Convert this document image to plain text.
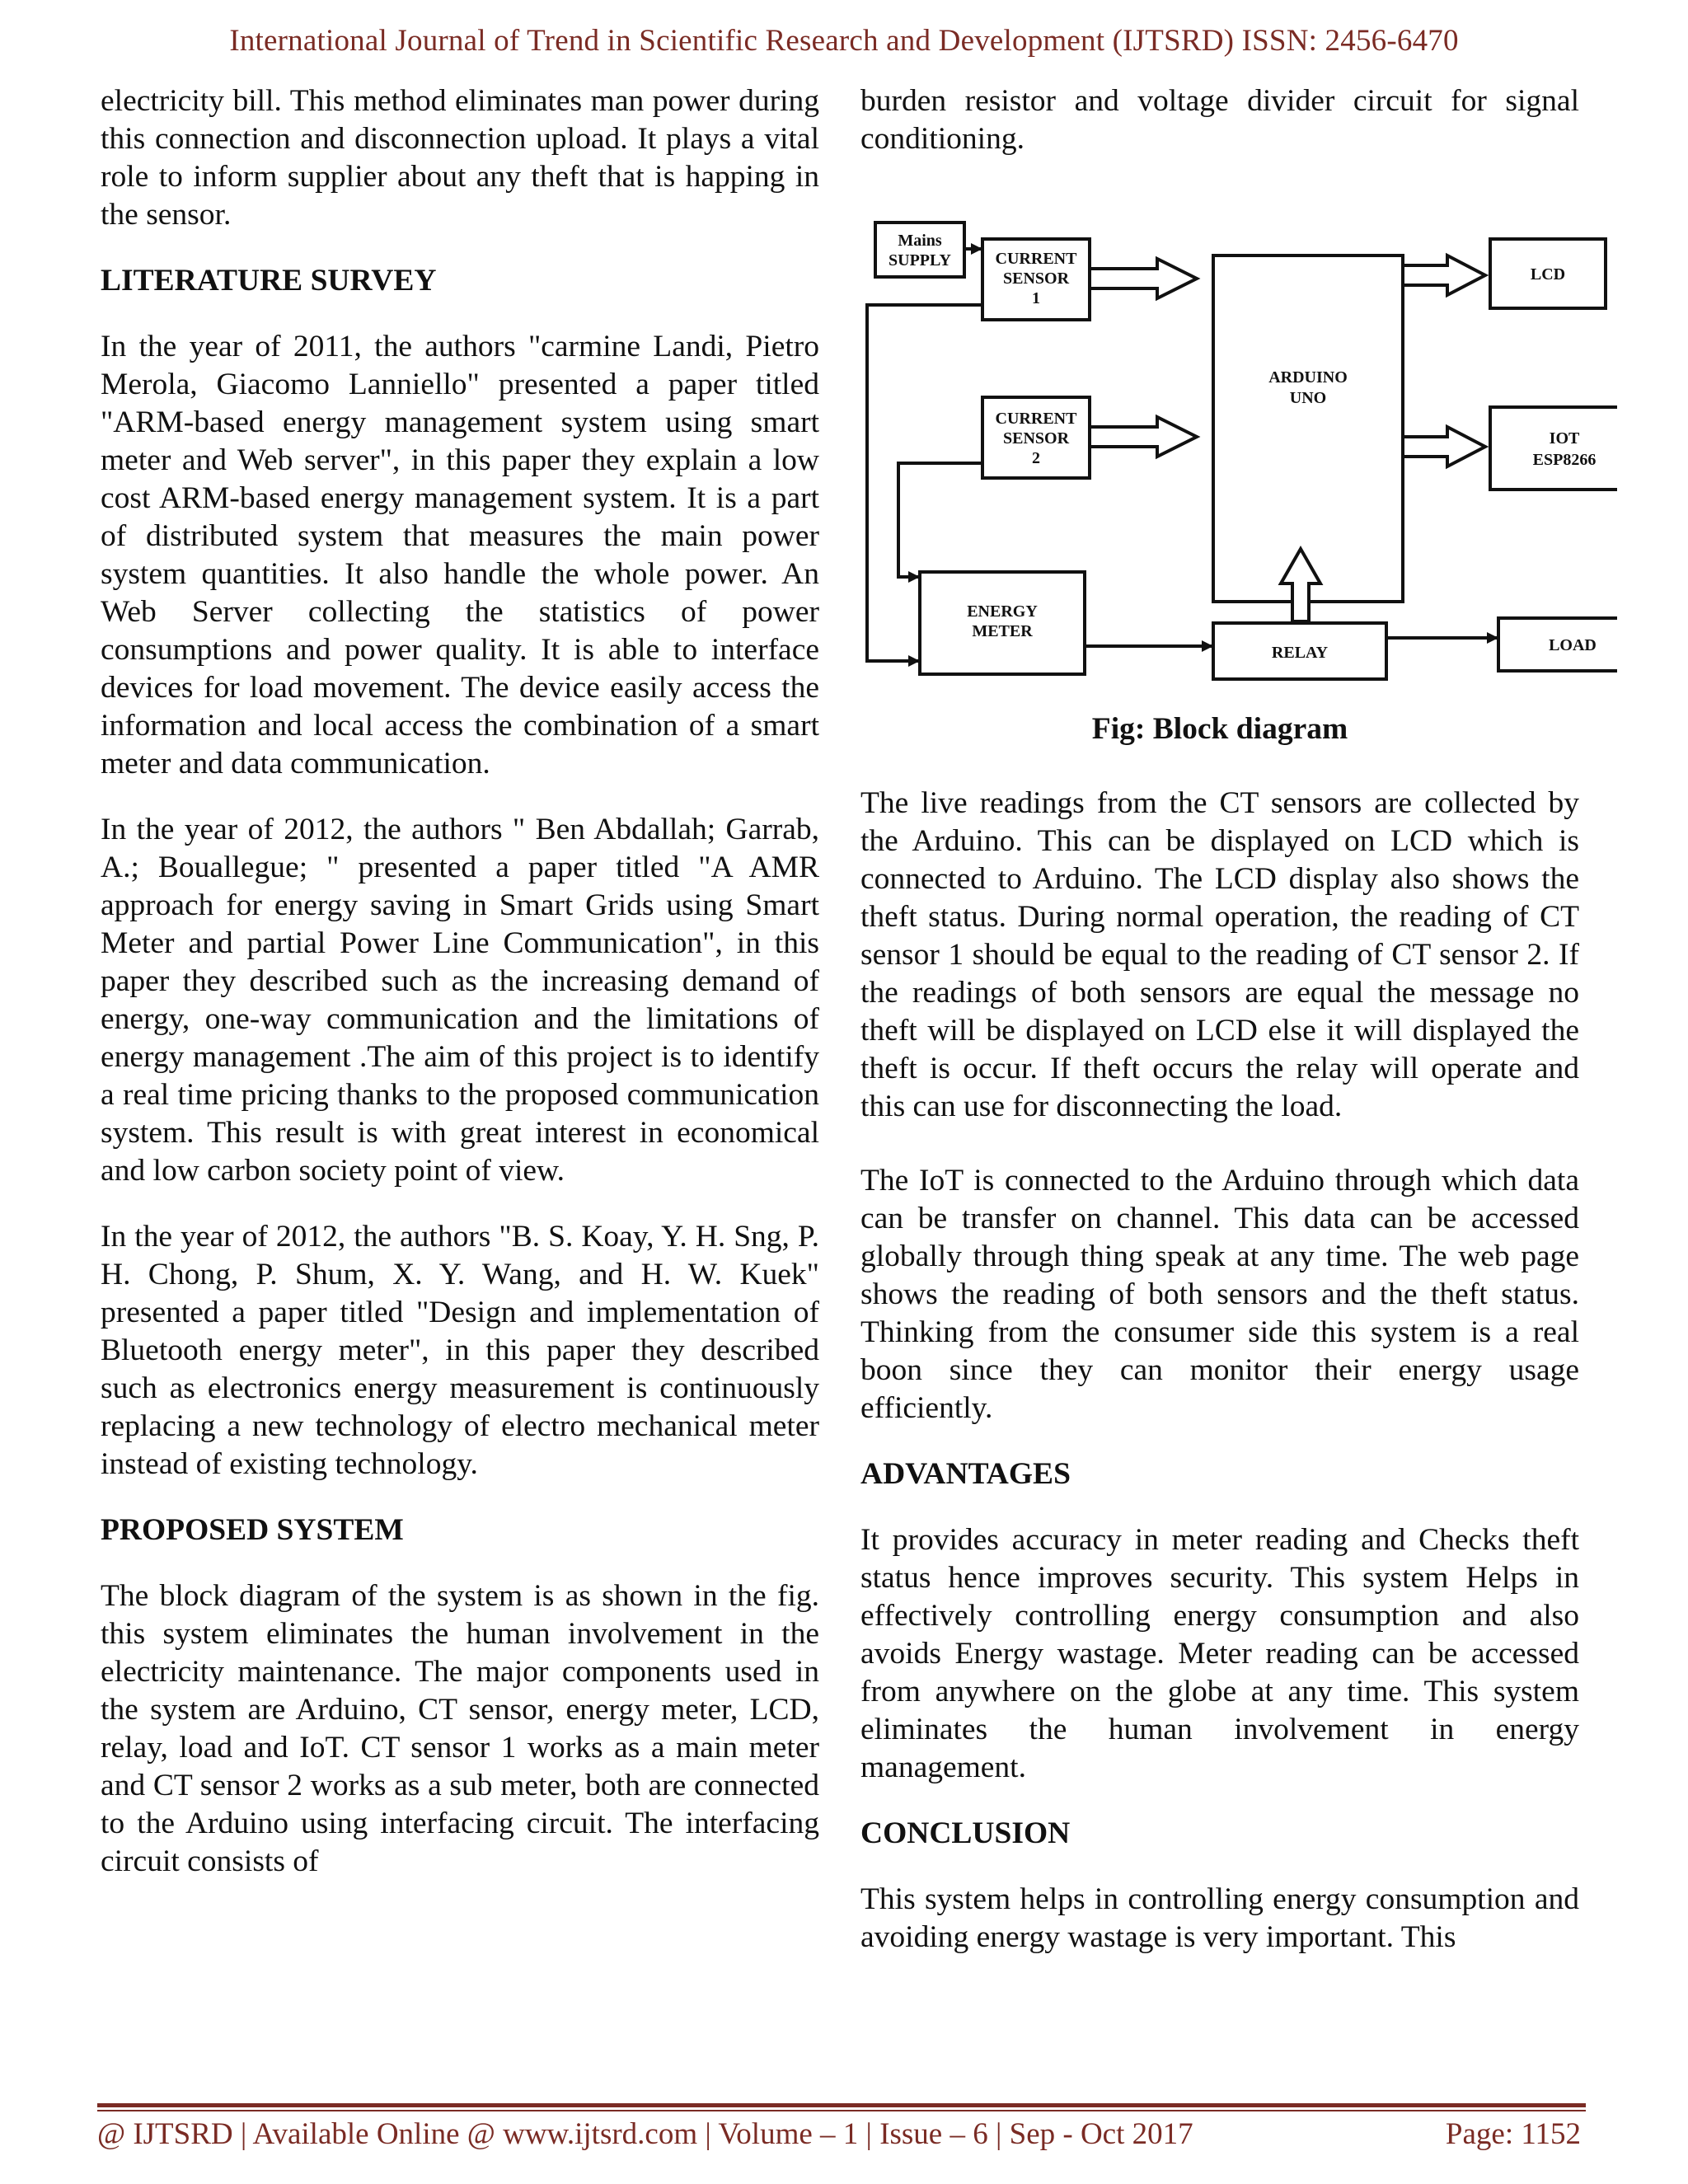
International Journal of Trend in Scientific Research and Development (IJTSRD) ISSN: 2456-6470

electricity bill. This method eliminates man power during this connection and disconnection upload. It plays a vital role to inform supplier about any theft that is happing in the sensor.

LITERATURE SURVEY

In the year of 2011, the authors "carmine Landi, Pietro Merola, Giacomo Lanniello" presented a paper titled "ARM-based energy management system using smart meter and Web server", in this paper they explain a low cost ARM-based energy management system. It is a part of distributed system that measures the main power system quantities. It also handle the whole power. An Web Server collecting the statistics of power consumptions and power quality. It is able to interface devices for load movement. The device easily access the information and local access the combination of a smart meter and data communication.

In the year of 2012, the authors " Ben Abdallah; Garrab, A.; Bouallegue; " presented a paper titled "A AMR approach for energy saving in Smart Grids using Smart Meter and partial Power Line Communication", in this paper they described such as the increasing demand of energy, one-way communication and the limitations of energy management .The aim of this project is to identify a real time pricing thanks to the proposed communication system. This result is with great interest in economical and low carbon society point of view.

In the year of 2012, the authors "B. S. Koay, Y. H. Sng, P. H. Chong, P. Shum, X. Y. Wang, and H. W. Kuek" presented a paper titled "Design and implementation of Bluetooth energy meter", in this paper they described such as electronics energy measurement is continuously replacing a new technology of electro mechanical meter instead of existing technology.

PROPOSED SYSTEM

The block diagram of the system is as shown in the fig. this system eliminates the human involvement in the electricity maintenance. The major components used in the system are Arduino, CT sensor, energy meter, LCD, relay, load and IoT. CT sensor 1 works as a main meter and CT sensor 2 works as a sub meter, both are connected to the Arduino using interfacing circuit. The interfacing circuit consists of

burden resistor and voltage divider circuit for signal conditioning.

Mains
SUPPLY	CURRENT
SENSOR
1
CURRENT
SENSOR
2
ARDUINO
UNO
LCD
IOT
ESP8266
ENERGY
METER
RELAY	LOAD
Fig: Block diagram

The live readings from the CT sensors are collected by the Arduino. This can be displayed on LCD which is connected to Arduino. The LCD display also shows the theft status. During normal operation, the reading of CT sensor 1 should be equal to the reading of CT sensor 2. If the readings of both sensors are equal the message no theft will be displayed on LCD else it will displayed the theft is occur. If theft occurs the relay will operate and this can use for disconnecting the load.

The IoT is connected to the Arduino through which data can be transfer on channel. This data can be accessed globally through thing speak at any time. The web page shows the reading of both sensors and the theft status. Thinking from the consumer side this system is a real boon since they can monitor their energy usage efficiently.

ADVANTAGES

It provides accuracy in meter reading and Checks theft status hence improves security. This system Helps in effectively controlling energy consumption and also avoids Energy wastage. Meter reading can be accessed from anywhere on the globe at any time. This system eliminates the human involvement in energy management.

CONCLUSION

This system helps in controlling energy consumption and avoiding energy wastage is very important. This

@ IJTSRD | Available Online @ www.ijtsrd.com | Volume – 1 | Issue – 6 | Sep - Oct 2017	Page: 1152
